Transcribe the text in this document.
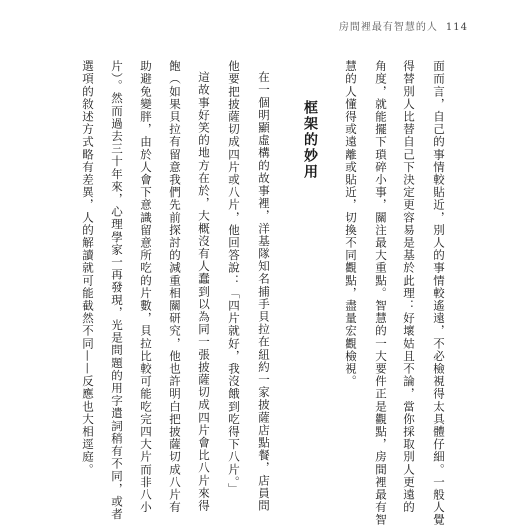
房間裡最有智慧的人 114
面而言，自己的事情較貼近，別人的事情較遙遠，不必檢視得太具體仔細。一般人覺
得替別人比替自己下決定更容易是基於此理：好壞姑且不論，當你採取別人更遠的
角度，就能擺下瑣碎小事，關注最大重點。智慧的一大要件正是觀點，房間裡最有智
慧的人懂得或遠離或貼近，切換不同觀點，盡量宏觀檢視。
框架的妙用
在一個明顯虛構的故事裡，洋基隊知名捕手貝拉在紐約一家披薩店點餐，店員問
他要把披薩切成四片或八片，他回答說：「四片就好，我沒餓到吃得下八片。」
這故事好笑的地方在於，大概沒有人蠢到以為同一張披薩切成四片會比八片來得
飽（如果貝拉有留意我們先前探討的減重相關研究，他也許明白把披薩切成八片有
助避免變胖，由於人會下意識留意所吃的片數，貝拉比較可能吃完四大片而非八小
片）。然而過去三十年來，心理學家一再發現，光是問題的用字遣詞稍有不同，或者
選項的敘述方式略有差異，人的解讀就可能截然不同——反應也大相逕庭。
